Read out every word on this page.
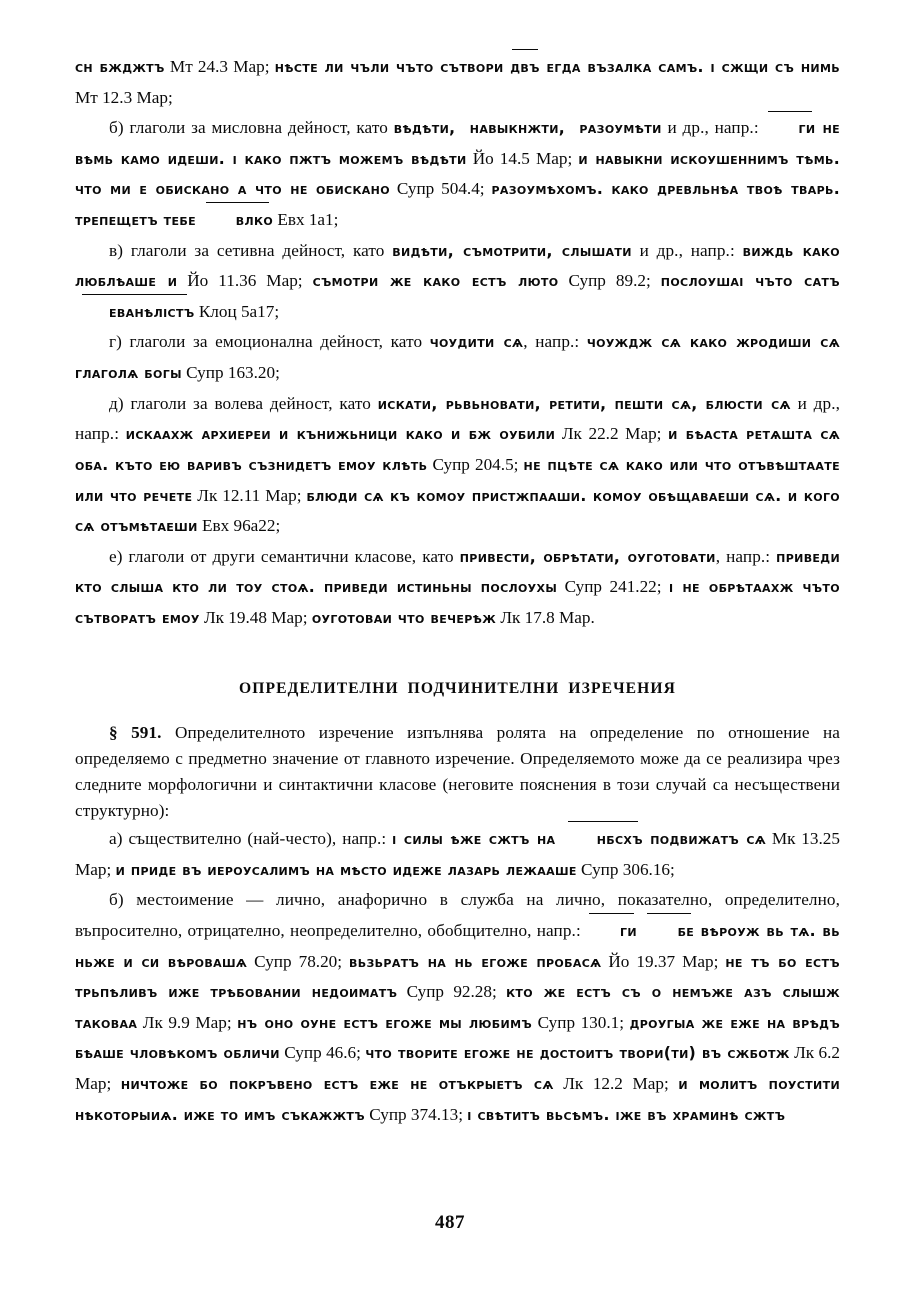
сн бжджтъ Мт 24.3 Мар; нѣсте ли чъли чъто сътвори двъ егда възалка самъ. і сжщи съ нимь Мт 12.3 Мар;

б) глаголи за мисловна дейност, като вѣдѣти,  навыкнжти,  разоумѣти и др., напр.: ги не вѣмь камо идеши. і како пжтъ можемъ вѣдѣти Йо 14.5 Мар; и навыкни искоушеннимъ тѣмь. что ми е обискано а что не обискано Супр 504.4; разоумѣхомъ. како древльнѣа твоѣ тварь. трепещетъ тебе влко Евх 1a1;

в) глаголи за сетивна дейност, като видѣти, съмотрити, слышати и др., напр.: виждь како люблѣаше и Йо 11.36 Мар; съмотри же како естъ люто Супр 89.2; послоушаі чъто сатъ еванѣлістъ Клоц 5a17;

г) глаголи за емоционална дейност, като чоудити сѧ, напр.: чоуждж сѧ како жродиши сѧ глаголѧ богы Супр 163.20;

д) глаголи за волева дейност, като искати, рьвьновати, ретити, пешти сѧ, блюсти сѧ и др., напр.: искаахж архиереи и кънижьници како и бж оубили Лк 22.2 Мар; и бѣаста ретѧшта сѧ оба. къто ею варивъ съзнидетъ емоу клѣть Супр 204.5; не пцѣте сѧ како или что отъвѣштаате или что речете Лк 12.11 Мар; блюди сѧ къ комоу пристжпааши. комоу обѣщаваеши сѧ. и кого сѧ отъмѣтаеши Евх 96a22;

е) глаголи от други семантични класове, като привести, обрѣтати, оуготовати, напр.: приведи кто слыша кто ли тоу стоѧ. приведи истиньны послоухы Супр 241.22; і не обрѣтаахж чъто сътворатъ емоу Лк 19.48 Мар; оуготоваи что вечерѣж Лк 17.8 Мар.

ОПРЕДЕЛИТЕЛНИ ПОДЧИНИТЕЛНИ ИЗРЕЧЕНИЯ

§ 591. Определителното изречение изпълнява ролята на определение по отношение на определяемо с предметно значение от главното изречение. Определяемото може да се реализира чрез следните морфологични и синтактични класове (неговите пояснения в този случай са несъществени структурно):

а) съществително (най-често), напр.: і силы ѣже сжтъ на нбсхъ подвижатъ сѧ Мк 13.25 Мар; и приде въ иероусалимъ на мѣсто идеже лазарь лежааше Супр 306.16;

б) местоимение — лично, анафорично в служба на лично, показателно, определително, въпросително, отрицателно, неопределително, обобщително, напр.: ги	бе вѣроуж вь тѧ. вь ньже и си вѣровашѧ Супр 78.20; вьзьратъ на нь егоже пробасѧ Йо 19.37 Мар; не тъ бо естъ трьпѣливъ иже трѣбовании недоиматъ Супр 92.28; кто же естъ съ о немъже азъ слышж таковаа Лк 9.9 Мар; нъ оно оуне естъ егоже мы любимъ Супр 130.1; дроугыа же еже на врѣдъ бѣаше чловѣкомъ обличи Супр 46.6; что творите егоже не достоитъ твори(ти) въ сжботж Лк 6.2 Мар; ничтоже бо покръвено естъ еже не отъкрыетъ сѧ Лк 12.2 Мар; и молитъ поустити нѣкоторыиѧ. иже то имъ съкажжтъ Супр 374.13; і свѣтитъ вьсѣмъ. іже въ храминѣ сжтъ

487
